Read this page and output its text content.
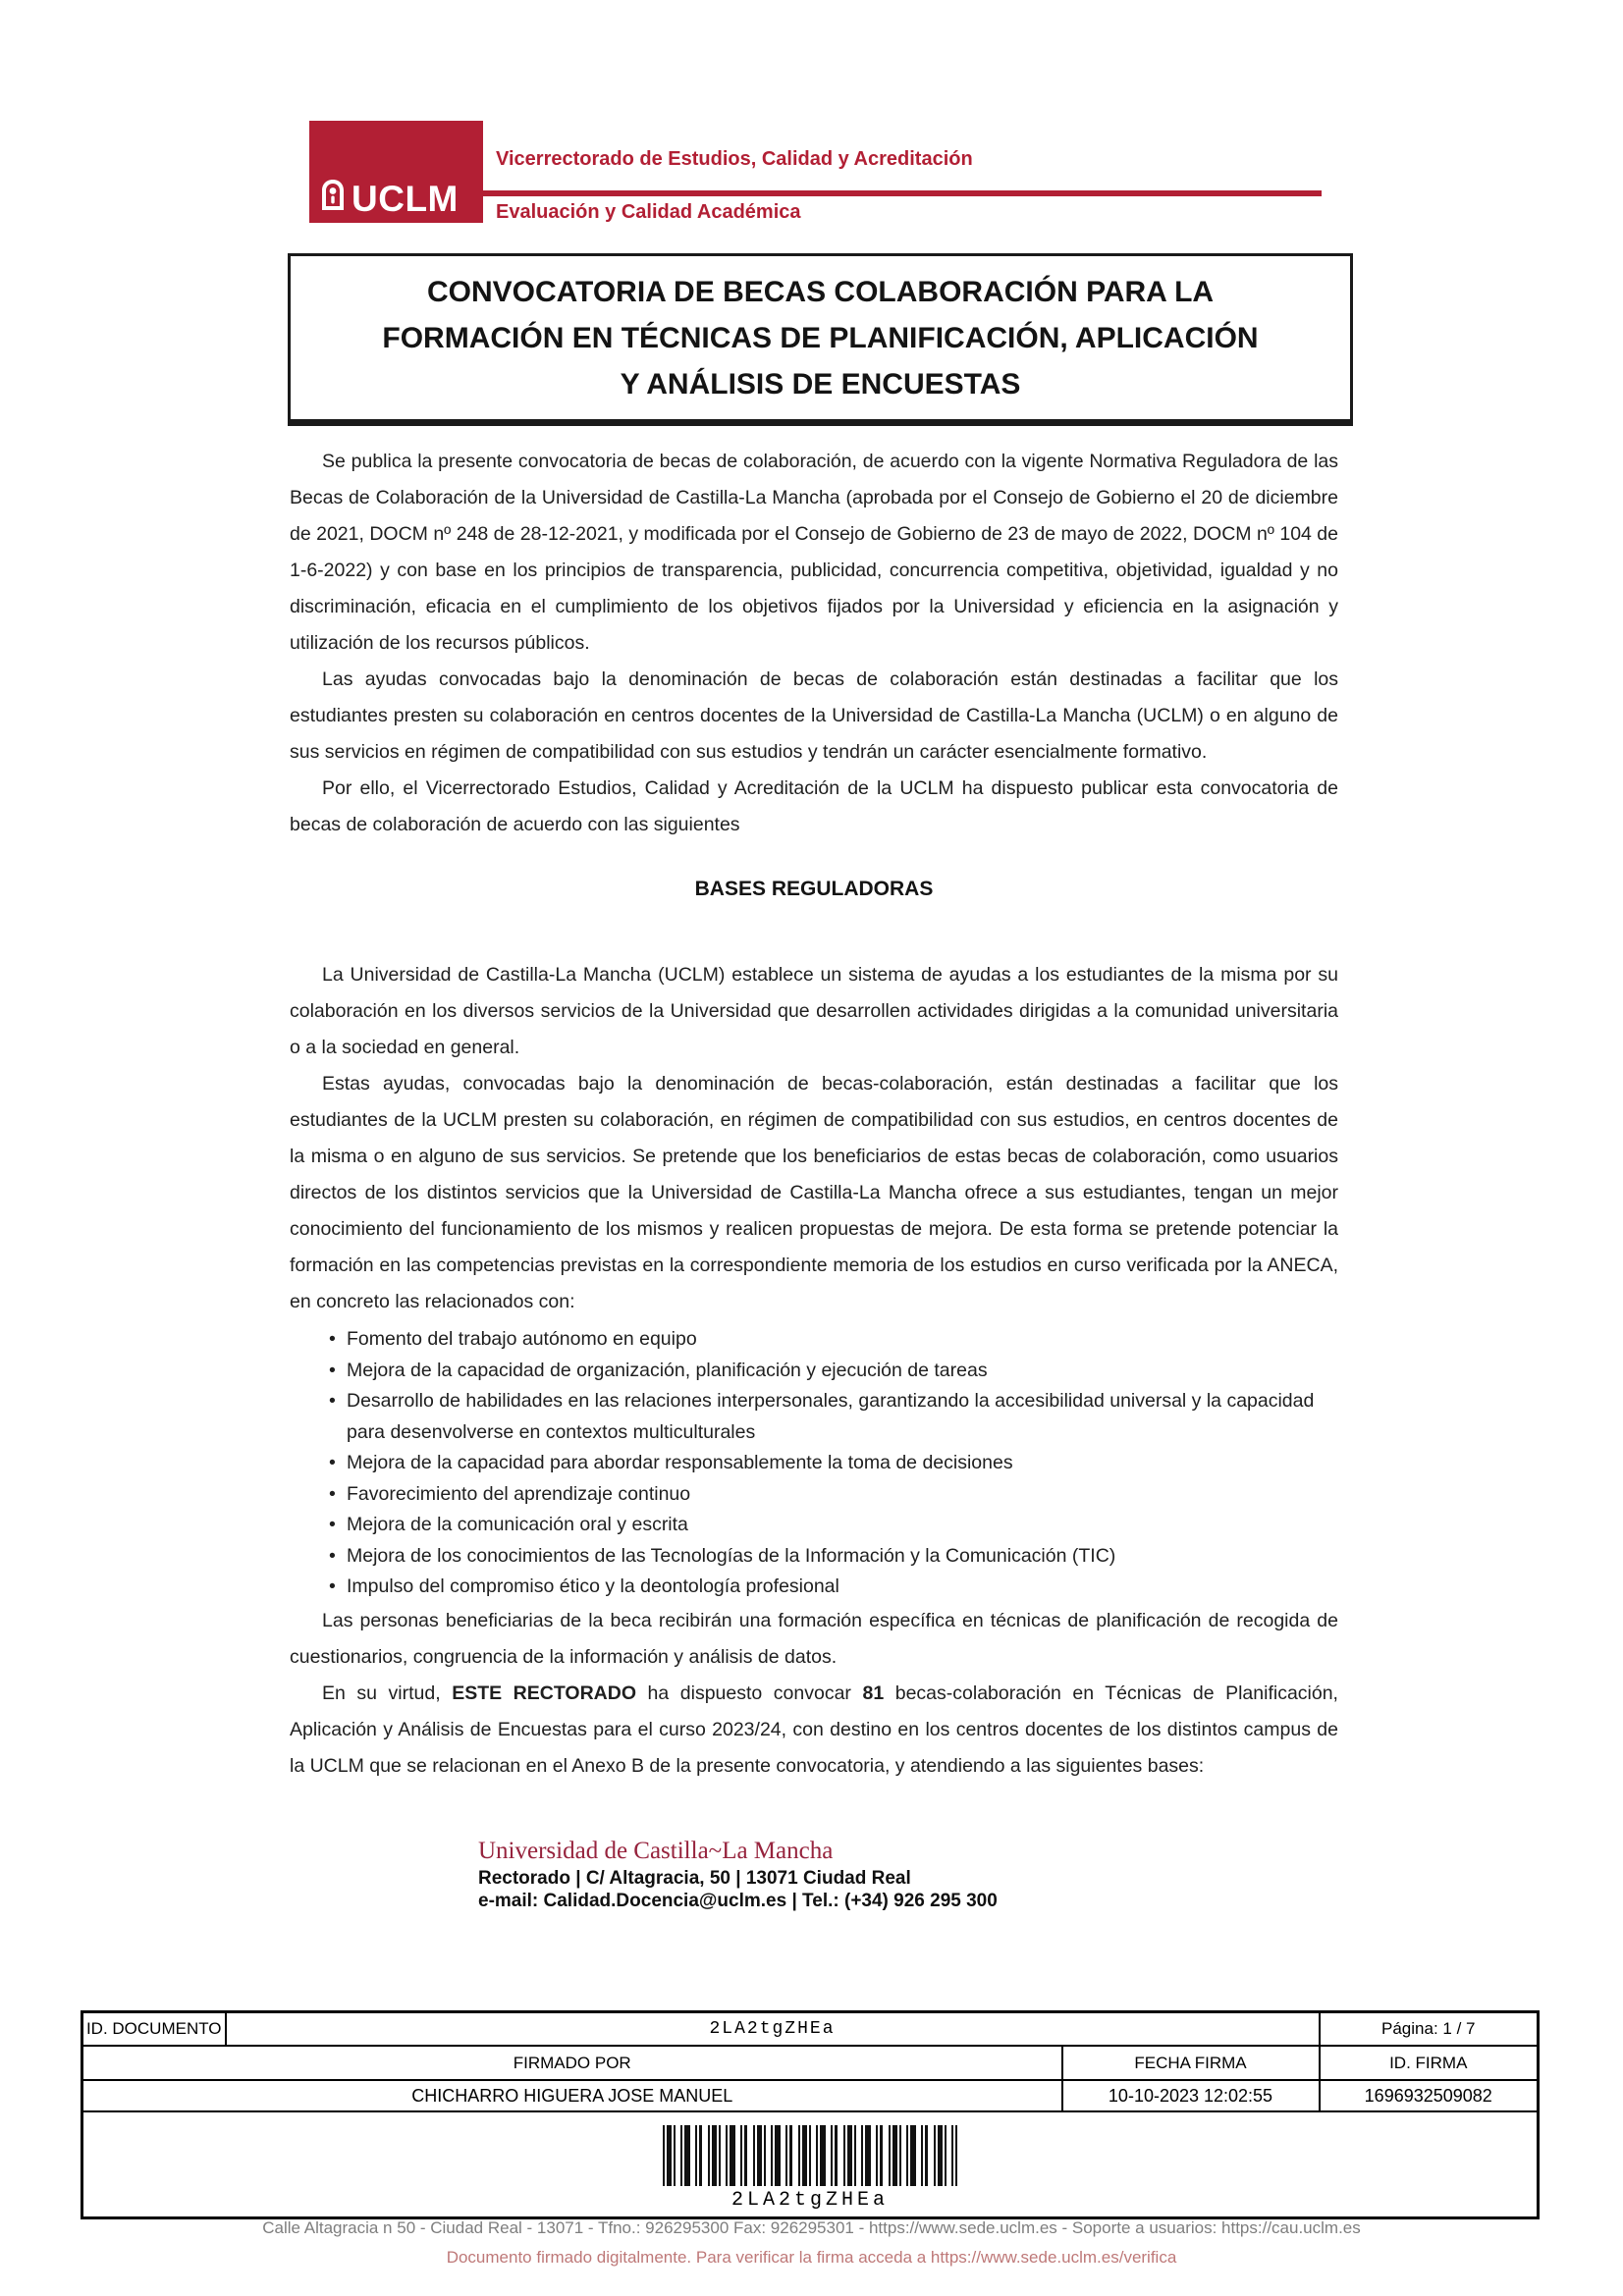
UCLM
Vicerrectorado de Estudios, Calidad y Acreditación
Evaluación y Calidad Académica
CONVOCATORIA DE BECAS COLABORACIÓN PARA LA
FORMACIÓN EN TÉCNICAS DE PLANIFICACIÓN, APLICACIÓN
Y ANÁLISIS DE ENCUESTAS

Se publica la presente convocatoria de becas de colaboración, de acuerdo con la vigente Normativa Reguladora de las Becas de Colaboración de la Universidad de Castilla-La Mancha (aprobada por el Consejo de Gobierno el 20 de diciembre de 2021, DOCM nº 248 de 28-12-2021, y modificada por el Consejo de Gobierno de 23 de mayo de 2022, DOCM nº 104 de 1-6-2022) y con base en los principios de transparencia, publicidad, concurrencia competitiva, objetividad, igualdad y no discriminación, eficacia en el cumplimiento de los objetivos fijados por la Universidad y eficiencia en la asignación y utilización de los recursos públicos.

Las ayudas convocadas bajo la denominación de becas de colaboración están destinadas a facilitar que los estudiantes presten su colaboración en centros docentes de la Universidad de Castilla-La Mancha (UCLM) o en alguno de sus servicios en régimen de compatibilidad con sus estudios y tendrán un carácter esencialmente formativo.

Por ello, el Vicerrectorado Estudios, Calidad y Acreditación de la UCLM ha dispuesto publicar esta convocatoria de becas de colaboración de acuerdo con las siguientes

BASES REGULADORAS

La Universidad de Castilla-La Mancha (UCLM) establece un sistema de ayudas a los estudiantes de la misma por su colaboración en los diversos servicios de la Universidad que desarrollen actividades dirigidas a la comunidad universitaria o a la sociedad en general.

Estas ayudas, convocadas bajo la denominación de becas-colaboración, están destinadas a facilitar que los estudiantes de la UCLM presten su colaboración, en régimen de compatibilidad con sus estudios, en centros docentes de la misma o en alguno de sus servicios. Se pretende que los beneficiarios de estas becas de colaboración, como usuarios directos de los distintos servicios que la Universidad de Castilla-La Mancha ofrece a sus estudiantes, tengan un mejor conocimiento del funcionamiento de los mismos y realicen propuestas de mejora. De esta forma se pretende potenciar la formación en las competencias previstas en la correspondiente memoria de los estudios en curso verificada por la ANECA, en concreto las relacionados con:

• Fomento del trabajo autónomo en equipo
• Mejora de la capacidad de organización, planificación y ejecución de tareas
• Desarrollo de habilidades en las relaciones interpersonales, garantizando la accesibilidad universal y la capacidad para desenvolverse en contextos multiculturales
• Mejora de la capacidad para abordar responsablemente la toma de decisiones
• Favorecimiento del aprendizaje continuo
• Mejora de la comunicación oral y escrita
• Mejora de los conocimientos de las Tecnologías de la Información y la Comunicación (TIC)
• Impulso del compromiso ético y la deontología profesional

Las personas beneficiarias de la beca recibirán una formación específica en técnicas de planificación de recogida de cuestionarios, congruencia de la información y análisis de datos.

En su virtud, ESTE RECTORADO ha dispuesto convocar 81 becas-colaboración en Técnicas de Planificación, Aplicación y Análisis de Encuestas para el curso 2023/24, con destino en los centros docentes de los distintos campus de la UCLM que se relacionan en el Anexo B de la presente convocatoria, y atendiendo a las siguientes bases:

Universidad de Castilla~La Mancha
Rectorado | C/ Altagracia, 50 | 13071 Ciudad Real
e-mail: Calidad.Docencia@uclm.es | Tel.: (+34) 926 295 300
ID. DOCUMENTO	2LA2tgZHEa		Página: 1 / 7
FIRMADO POR		FECHA FIRMA	ID. FIRMA
CHICHARRO HIGUERA JOSE MANUEL		10-10-2023 12:02:55	1696932509082

2LA2tgZHEa			
Calle Altagracia n 50 - Ciudad Real - 13071 - Tfno.: 926295300 Fax: 926295301 - https://www.sede.uclm.es - Soporte a usuarios: https://cau.uclm.es
Documento firmado digitalmente. Para verificar la firma acceda a https://www.sede.uclm.es/verifica
